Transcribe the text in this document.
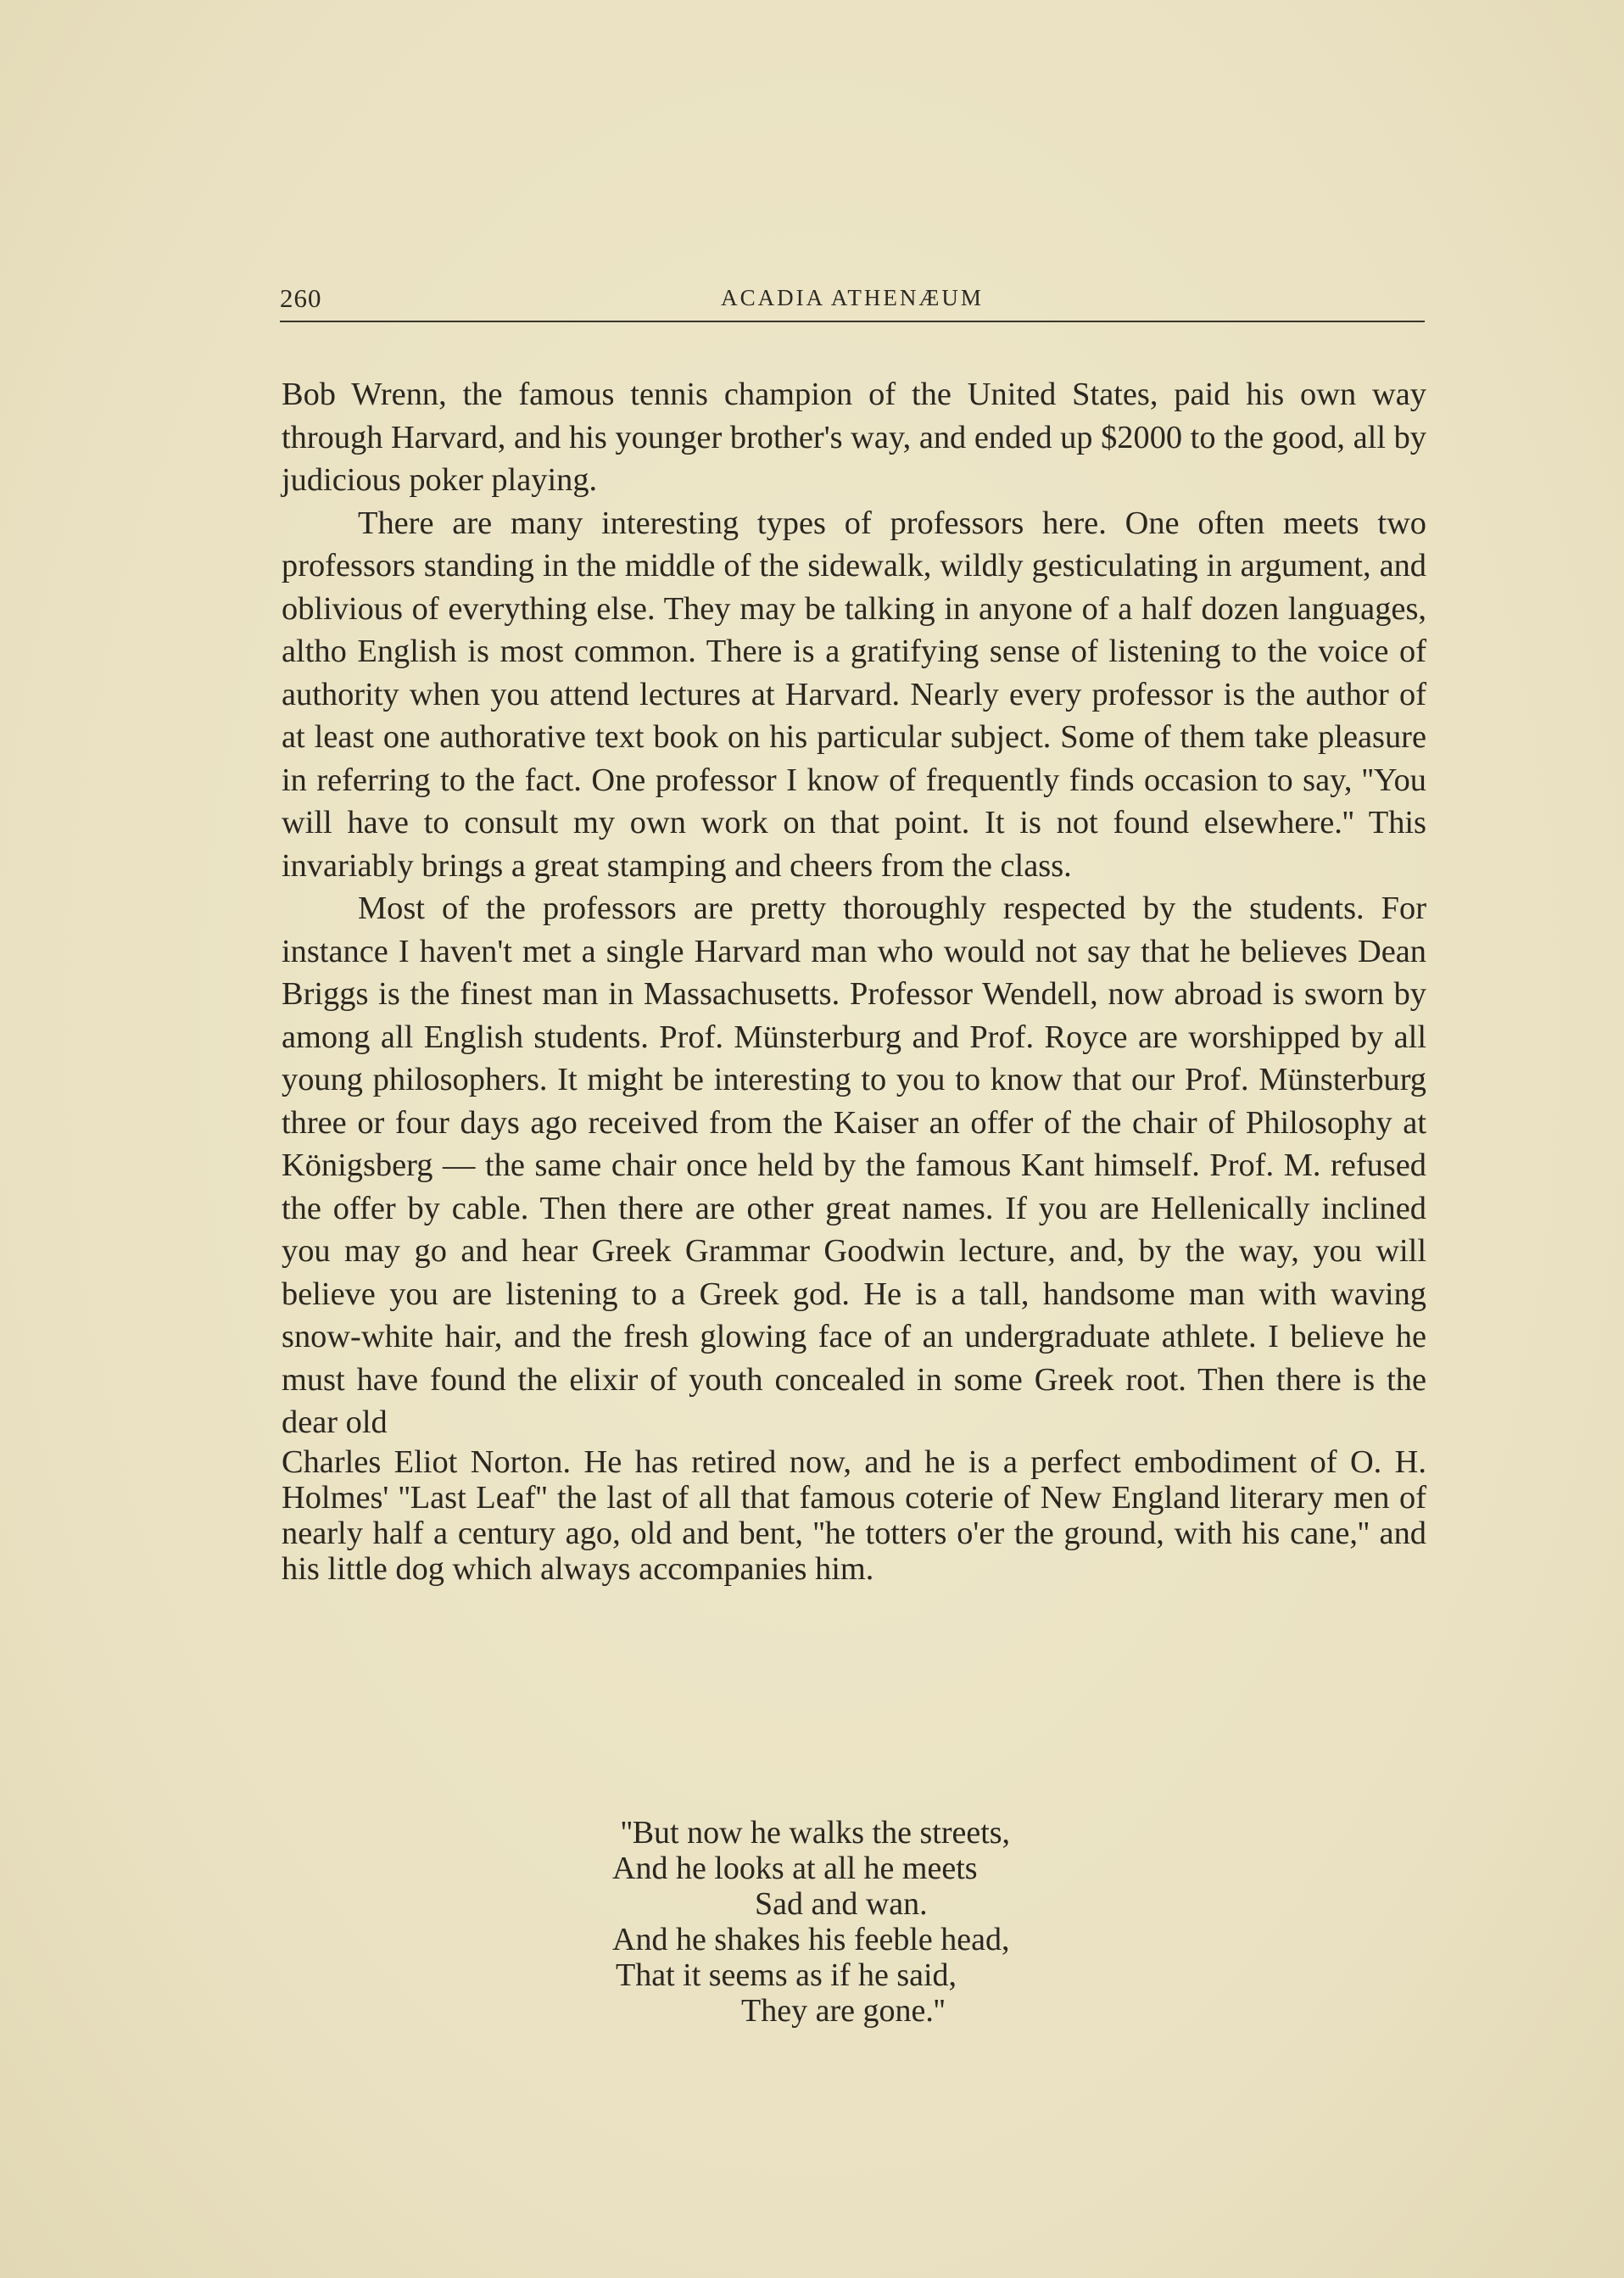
260	ACADIA ATHENÆUM

Bob Wrenn, the famous tennis champion of the United States, paid his own way through Harvard, and his younger brother's way, and ended up $2000 to the good, all by judicious poker playing.

There are many interesting types of professors here. One often meets two professors standing in the middle of the sidewalk, wildly gesticulating in argument, and oblivious of everything else. They may be talking in anyone of a half dozen languages, altho English is most common. There is a gratifying sense of listening to the voice of authority when you attend lectures at Harvard. Nearly every professor is the author of at least one authorative text book on his particular subject. Some of them take pleasure in referring to the fact. One professor I know of frequently finds occasion to say, ''You will have to consult my own work on that point. It is not found elsewhere.'' This invariably brings a great stamping and cheers from the class.

Most of the professors are pretty thoroughly respected by the students. For instance I haven't met a single Harvard man who would not say that he believes Dean Briggs is the finest man in Massachusetts. Professor Wendell, now abroad is sworn by among all English students. Prof. Münsterburg and Prof. Royce are worshipped by all young philosophers. It might be interesting to you to know that our Prof. Münsterburg three or four days ago received from the Kaiser an offer of the chair of Philosophy at Königsberg — the same chair once held by the famous Kant himself. Prof. M. refused the offer by cable. Then there are other great names. If you are Hellenically inclined you may go and hear Greek Grammar Goodwin lecture, and, by the way, you will believe you are listening to a Greek god. He is a tall, handsome man with waving snow-white hair, and the fresh glowing face of an undergraduate athlete. I believe he must have found the elixir of youth concealed in some Greek root. Then there is the dear old

Charles Eliot Norton. He has retired now, and he is a perfect embodiment of O. H. Holmes' ''Last Leaf'' the last of all that famous coterie of New England literary men of nearly half a century ago, old and bent, ''he totters o'er the ground, with his cane,'' and his little dog which always accompanies him.

''But now he walks the streets,
And he looks at all he meets
Sad and wan.
And he shakes his feeble head,
That it seems as if he said,
They are gone.''
